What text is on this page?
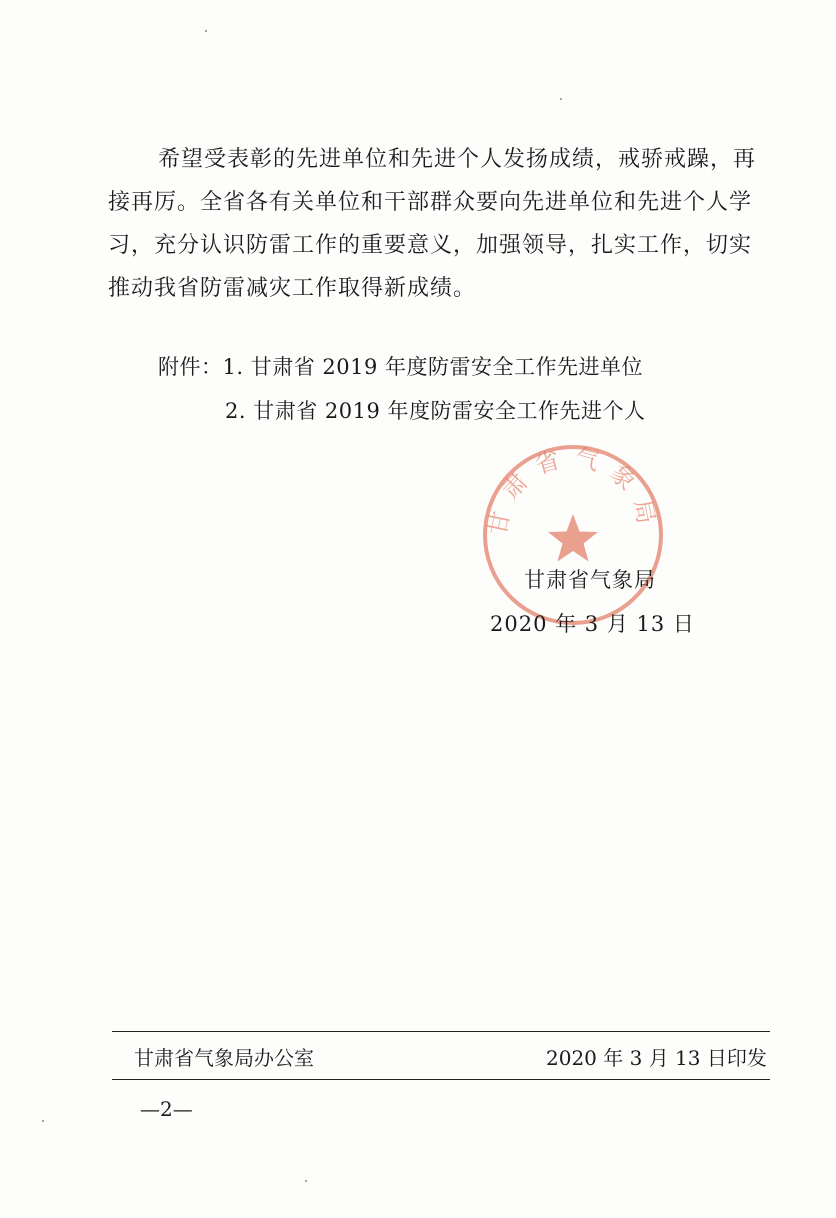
希望受表彰的先进单位和先进个人发扬成绩，戒骄戒躁，再接再厉。全省各有关单位和干部群众要向先进单位和先进个人学习，充分认识防雷工作的重要意义，加强领导，扎实工作，切实推动我省防雷减灾工作取得新成绩。

附件：1. 甘肃省 2019 年度防雷安全工作先进单位
2. 甘肃省 2019 年度防雷安全工作先进个人
甘肃省气象局
甘肃省气象局
2020 年 3 月 13 日
甘肃省气象局办公室	2020 年 3 月 13 日印发
—2—
